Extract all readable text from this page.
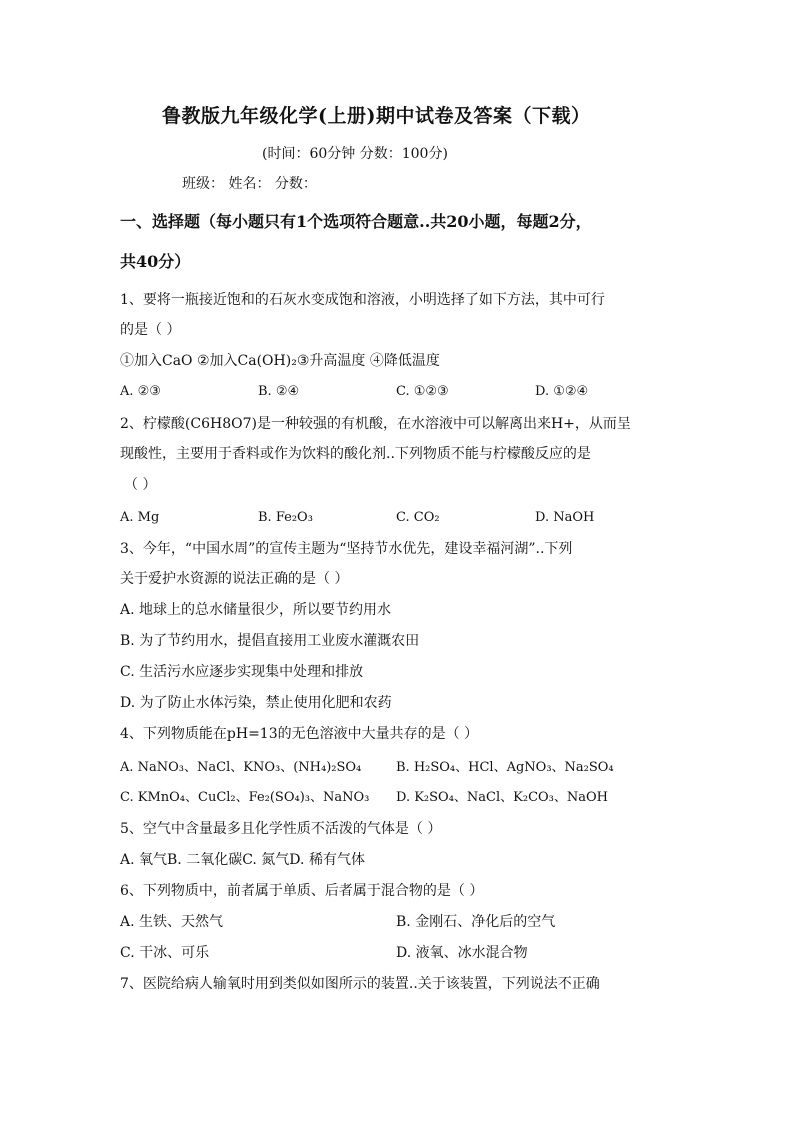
鲁教版九年级化学(上册)期中试卷及答案（下载）
(时间：60分钟 分数：100分)
班级： 姓名： 分数：
一、选择题（每小题只有1个选项符合题意..共20小题，每题2分，
共40分）
1、要将一瓶接近饱和的石灰水变成饱和溶液，小明选择了如下方法，其中可行
的是（ ）
①加入CaO ②加入Ca(OH)₂③升高温度 ④降低温度
A. ②③	B. ②④	C. ①②③	D. ①②④
2、柠檬酸(C6H8O7)是一种较强的有机酸，在水溶液中可以解离出来H+，从而呈
现酸性，主要用于香料或作为饮料的酸化剂..下列物质不能与柠檬酸反应的是
（ ）
A. Mg	B. Fe₂O₃	C. CO₂	D. NaOH
3、今年，“中国水周”的宣传主题为“坚持节水优先，建设幸福河湖”..下列
关于爱护水资源的说法正确的是（ ）
A. 地球上的总水储量很少，所以要节约用水
B. 为了节约用水，提倡直接用工业废水灌溉农田
C. 生活污水应逐步实现集中处理和排放
D. 为了防止水体污染，禁止使用化肥和农药
4、下列物质能在pH=13的无色溶液中大量共存的是（ ）
A. NaNO₃、NaCl、KNO₃、(NH₄)₂SO₄	B. H₂SO₄、HCl、AgNO₃、Na₂SO₄
C. KMnO₄、CuCl₂、Fe₂(SO₄)₃、NaNO₃ D. K₂SO₄、NaCl、K₂CO₃、NaOH
5、空气中含量最多且化学性质不活泼的气体是（ ）
A. 氧气B. 二氧化碳C. 氮气D. 稀有气体
6、下列物质中，前者属于单质、后者属于混合物的是（ ）
A. 生铁、天然气	B. 金刚石、净化后的空气
C. 干冰、可乐	D. 液氧、冰水混合物
7、医院给病人输氧时用到类似如图所示的装置..关于该装置，下列说法不正确
